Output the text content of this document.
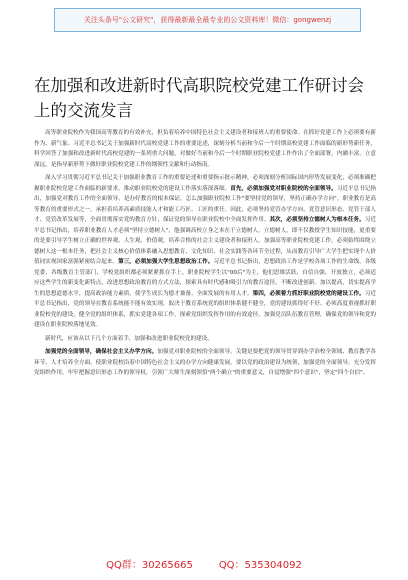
关注头条号"公文研究"，获得最新最全最专业的公文资料库！微信：gongwenzj
在加强和改进新时代高职院校党建工作研讨会上的交流发言

高等职业院校作为我国高等教育的有效补充，担负着培养中国特色社会主义建设者和接班人的重要使命。在抓好党建工作上必须要有新作为、新气象。习近平总书记关于加强新时代高校党建工作的重要论述，深刻分析当前和今后一个时期高校党建工作面临的新形势新任务，科学回答了加强和改进新时代高校党建的一系列重大问题，对做好当前和今后一个时期职业院校党建工作作出了全面部署，内涵丰富、立意深远，是指导新形势下做好职业院校党建工作的纲领性文献和行动指南。

深入学习贯彻习近平总书记关于加强职业教育工作的重要论述和重要指示批示精神，必须深刻分析国际国内形势发展变化，必须准确把握职业院校党建工作面临的新要求，推动职业院校党的建设工作落实落深落细。首先，必须加强党对职业院校的全面领导。习近平总书记指出，加强党对教育工作的全面领导，是办好教育的根本保证。怎么加强职业院校工作"要坚持党的领导，坚持正确办学方向"。职业教育是高等教育的重要形式之一，承担着培养高素质技能人才和能工巧匠、工匠的重任。因此，必须坚持党管办学方向、党管意识形态、党管干部人才、党管改革发展等，全面贯彻落实党的教育方针，保证党的领导在职业院校中全面发挥作用。其次，必须坚持立德树人为根本任务。习近平总书记指出，培养职业教育人才必须"坚持立德树人"，他强调高校立身之本在于立德树人。立德树人，即不仅教授学生知识技能，更重要的是要引导学生树立正确的世界观、人生观、价值观，培养合格的社会主义建设者和接班人。加强高等职业院校党建工作，必须始终围绕立德树人这一根本任务，把社会主义核心价值体系融入思想教育、文化知识、社会实践等各环节全过程，从而教育引导广大学生把实现个人价值同实现国家富强紧密结合起来。第三，必须加强大学生思想政治工作。习近平总书记指出，思想政治工作是学校各项工作的生命线，各级党委、各级教育主管部门、学校党组织都必须紧紧抓在手上。职业院校学生以"00后"为主，他们思维活跃，自信自强、开放独立，必须适应这些学生的新变化新特点，改进思想政治教育的方式方法，探索具有时代感和吸引力的教育途径，不断改进创新。加以提高，切实提高学生的思想道德水平，提高政治能力素质，使学生成长为德才兼备、全面发展的有用人才。第四，必须着力抓好职业院校党的建设工作。习近平总书记指出，党的领导在教育系统能不能有效实现，取决于教育系统党的组织体系健不健全，党的建设抓得好不好。必须高度重视抓好职业院校党的建设，健全党的组织体系，抓实党建各项工作，探索党组织发挥作用的有效途径，加强党员队伍教育管理，确保党的领导和党的建设在职业院校落地见效。

新时代，应该从以下几个方面着手，加强和改进职业院校党的建设。

加强党的全面领导，确保社会主义办学方向。加强党对职业院校的全面领导，关键是要把党的领导贯穿到办学治校全领域、教育教学各环节、人才培养全方面。使职业院校沿着中国特色社会主义的办学方向健康发展。要以党的政治建设为统领，加强党的全面领导，充分发挥党组织作用，牢牢把握意识形态工作的领导权，引领广大师生深刻领悟"两个确立"的重要意义，自觉增强"四个意识"，坚定"四个自信"、

QQ群：30265665	QQ：535304092
